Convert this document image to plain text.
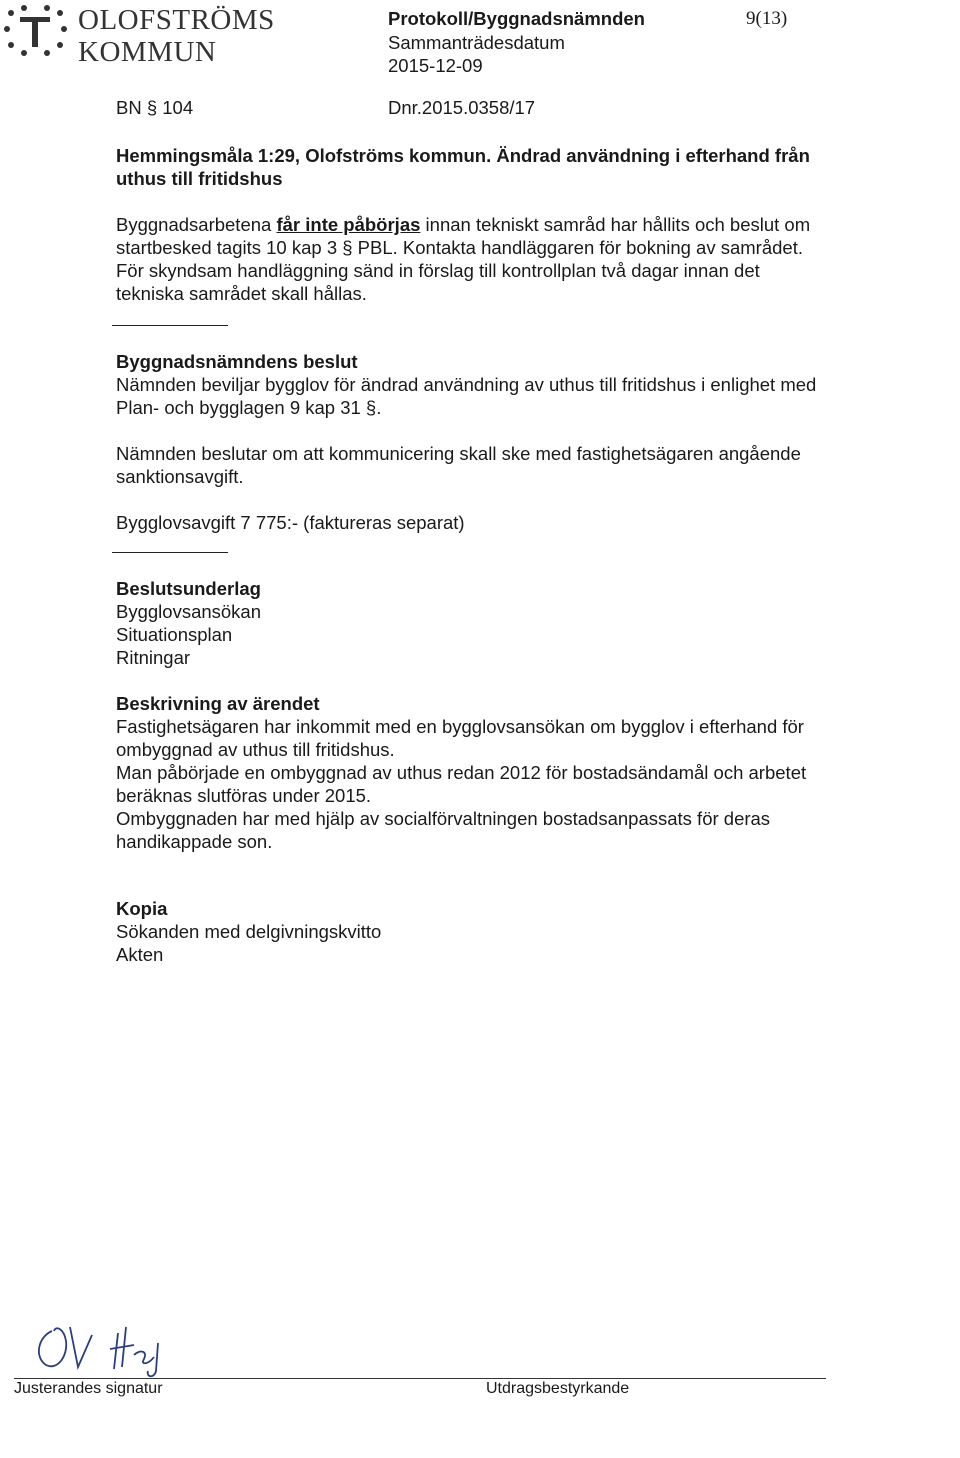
OLOFSTRÖMS
KOMMUN
Protokoll/Byggnadsnämnden
Sammanträdesdatum
2015-12-09
9(13)
BN § 104	Dnr.2015.0358/17

Hemmingsmåla 1:29, Olofströms kommun. Ändrad användning i efterhand från

uthus till fritidshus

Byggnadsarbetena får inte påbörjas innan tekniskt samråd har hållits och beslut om

startbesked tagits 10 kap 3 § PBL. Kontakta handläggaren för bokning av samrådet.

För skyndsam handläggning sänd in förslag till kontrollplan två dagar innan det

tekniska samrådet skall hållas.

Byggnadsnämndens beslut

Nämnden beviljar bygglov för ändrad användning av uthus till fritidshus i enlighet med

Plan- och bygglagen 9 kap 31 §.

Nämnden beslutar om att kommunicering skall ske med fastighetsägaren angående

sanktionsavgift.

Bygglovsavgift 7 775:- (faktureras separat)

Beslutsunderlag

Bygglovsansökan

Situationsplan

Ritningar

Beskrivning av ärendet

Fastighetsägaren har inkommit med en bygglovsansökan om bygglov i efterhand för

ombyggnad av uthus till fritidshus.

Man påbörjade en ombyggnad av uthus redan 2012 för bostadsändamål och arbetet

beräknas slutföras under 2015.

Ombyggnaden har med hjälp av socialförvaltningen bostadsanpassats för deras

handikappade son.

Kopia

Sökanden med delgivningskvitto

Akten

Justerandes signatur	Utdragsbestyrkande
